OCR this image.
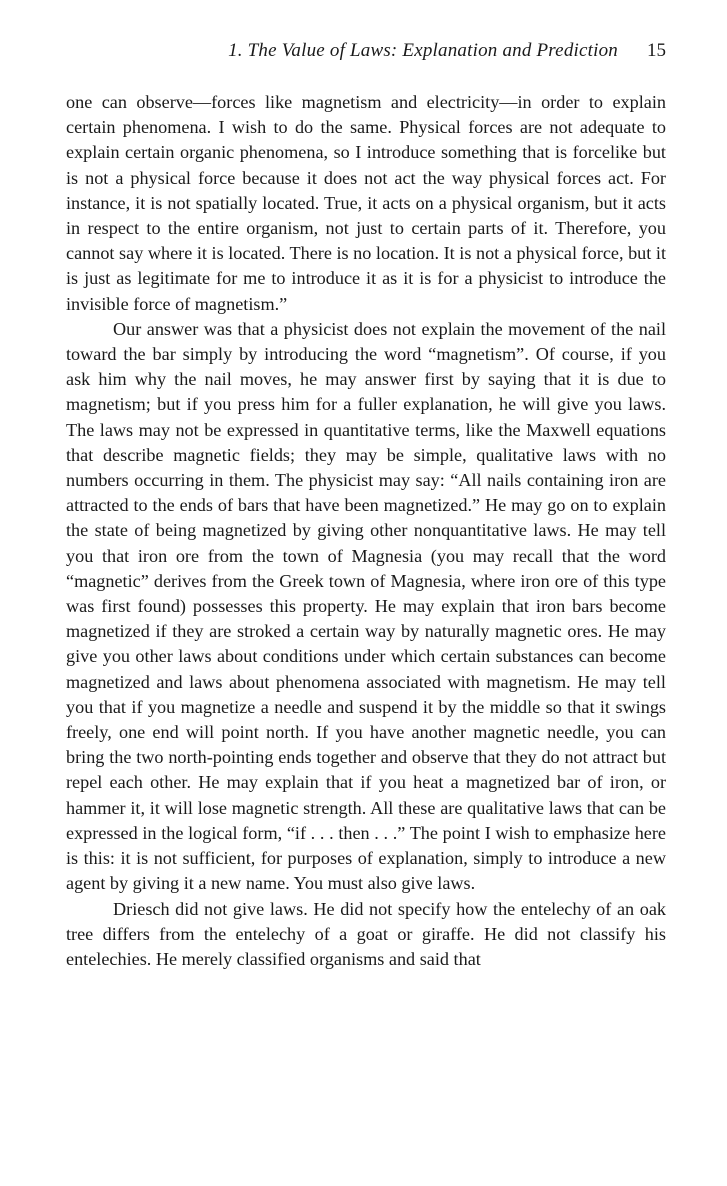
1. The Value of Laws: Explanation and Prediction 15

one can observe—forces like magnetism and electricity—in order to explain certain phenomena. I wish to do the same. Physical forces are not adequate to explain certain organic phenomena, so I introduce something that is forcelike but is not a physical force because it does not act the way physical forces act. For instance, it is not spatially located. True, it acts on a physical organism, but it acts in respect to the entire organism, not just to certain parts of it. Therefore, you cannot say where it is located. There is no location. It is not a physical force, but it is just as legitimate for me to introduce it as it is for a physicist to introduce the invisible force of magnetism.”

Our answer was that a physicist does not explain the movement of the nail toward the bar simply by introducing the word “magnetism”. Of course, if you ask him why the nail moves, he may answer first by saying that it is due to magnetism; but if you press him for a fuller explanation, he will give you laws. The laws may not be expressed in quantitative terms, like the Maxwell equations that describe magnetic fields; they may be simple, qualitative laws with no numbers occurring in them. The physicist may say: “All nails containing iron are attracted to the ends of bars that have been magnetized.” He may go on to explain the state of being magnetized by giving other nonquantitative laws. He may tell you that iron ore from the town of Magnesia (you may recall that the word “magnetic” derives from the Greek town of Magnesia, where iron ore of this type was first found) possesses this property. He may explain that iron bars become magnetized if they are stroked a certain way by naturally magnetic ores. He may give you other laws about conditions under which certain substances can become magnetized and laws about phenomena associated with magnetism. He may tell you that if you magnetize a needle and suspend it by the middle so that it swings freely, one end will point north. If you have another magnetic needle, you can bring the two north-pointing ends together and observe that they do not attract but repel each other. He may explain that if you heat a magnetized bar of iron, or hammer it, it will lose magnetic strength. All these are qualitative laws that can be expressed in the logical form, “if . . . then . . .” The point I wish to emphasize here is this: it is not sufficient, for purposes of explanation, simply to introduce a new agent by giving it a new name. You must also give laws.

Driesch did not give laws. He did not specify how the entelechy of an oak tree differs from the entelechy of a goat or giraffe. He did not classify his entelechies. He merely classified organisms and said that
